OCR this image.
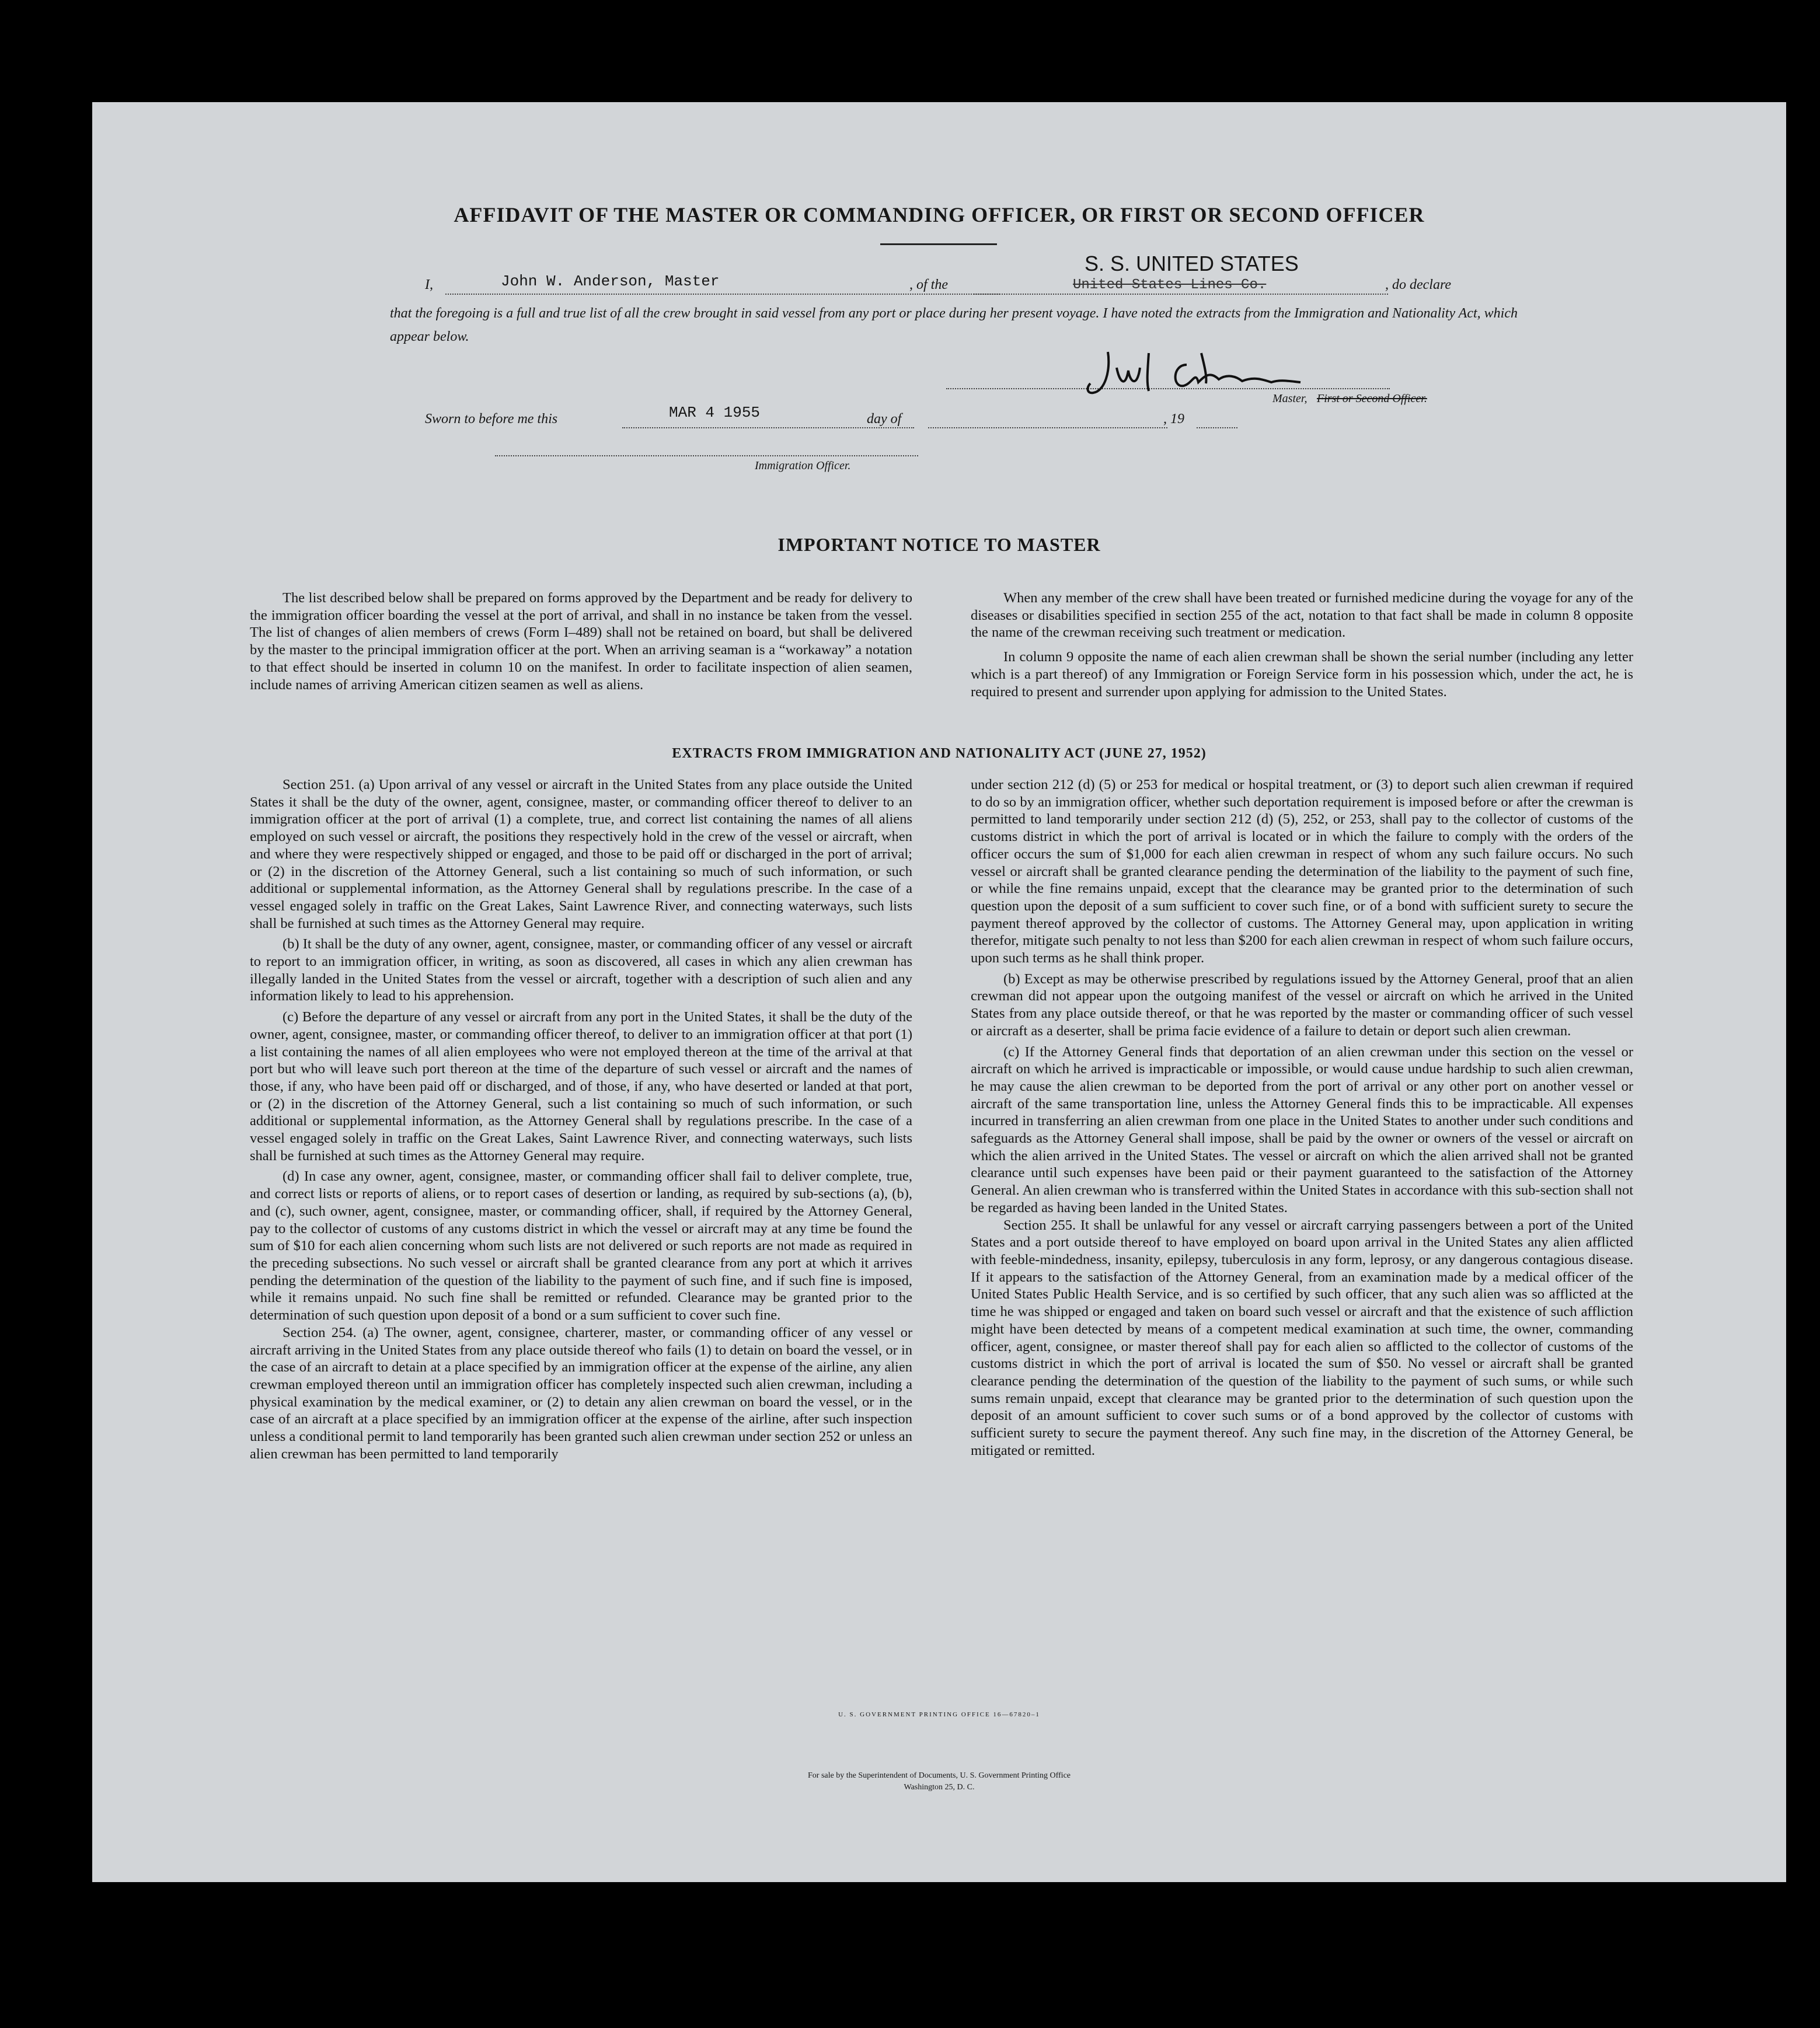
AFFIDAVIT OF THE MASTER OR COMMANDING OFFICER, OR FIRST OR SECOND OFFICER

I,	John W. Anderson, Master	, of the

S. S. UNITED STATES

United States Lines Co.	, do declare

that the foregoing is a full and true list of all the crew brought in said vessel from any port or place during her present voyage. I have noted the extracts from the Immigration and Nationality Act, which appear below.

Master, First or Second Officer.

Sworn to before me this	MAR 4 1955	day of	, 19

Immigration Officer.

IMPORTANT NOTICE TO MASTER

The list described below shall be prepared on forms approved by the Department and be ready for delivery to the immigration officer boarding the vessel at the port of arrival, and shall in no instance be taken from the vessel. The list of changes of alien members of crews (Form I–489) shall not be retained on board, but shall be delivered by the master to the principal immigration officer at the port. When an arriving seaman is a “workaway” a notation to that effect should be inserted in column 10 on the manifest. In order to facilitate inspection of alien seamen, include names of arriving American citizen seamen as well as aliens.

When any member of the crew shall have been treated or furnished medicine during the voyage for any of the diseases or disabilities specified in section 255 of the act, notation to that fact shall be made in column 8 opposite the name of the crewman receiving such treatment or medication.

In column 9 opposite the name of each alien crewman shall be shown the serial number (including any letter which is a part thereof) of any Immigration or Foreign Service form in his possession which, under the act, he is required to present and surrender upon applying for admission to the United States.

EXTRACTS FROM IMMIGRATION AND NATIONALITY ACT (JUNE 27, 1952)

Section 251. (a) Upon arrival of any vessel or aircraft in the United States from any place outside the United States it shall be the duty of the owner, agent, consignee, master, or commanding officer thereof to deliver to an immigration officer at the port of arrival (1) a complete, true, and correct list containing the names of all aliens employed on such vessel or aircraft, the positions they respectively hold in the crew of the vessel or aircraft, when and where they were respectively shipped or engaged, and those to be paid off or discharged in the port of arrival; or (2) in the discretion of the Attorney General, such a list containing so much of such information, or such additional or supplemental information, as the Attorney General shall by regulations prescribe. In the case of a vessel engaged solely in traffic on the Great Lakes, Saint Lawrence River, and connecting waterways, such lists shall be furnished at such times as the Attorney General may require.

(b) It shall be the duty of any owner, agent, consignee, master, or commanding officer of any vessel or aircraft to report to an immigration officer, in writing, as soon as discovered, all cases in which any alien crewman has illegally landed in the United States from the vessel or aircraft, together with a description of such alien and any information likely to lead to his apprehension.

(c) Before the departure of any vessel or aircraft from any port in the United States, it shall be the duty of the owner, agent, consignee, master, or commanding officer thereof, to deliver to an immigration officer at that port (1) a list containing the names of all alien employees who were not employed thereon at the time of the arrival at that port but who will leave such port thereon at the time of the departure of such vessel or aircraft and the names of those, if any, who have been paid off or discharged, and of those, if any, who have deserted or landed at that port, or (2) in the discretion of the Attorney General, such a list containing so much of such information, or such additional or supplemental information, as the Attorney General shall by regulations prescribe. In the case of a vessel engaged solely in traffic on the Great Lakes, Saint Lawrence River, and connecting waterways, such lists shall be furnished at such times as the Attorney General may require.

(d) In case any owner, agent, consignee, master, or commanding officer shall fail to deliver complete, true, and correct lists or reports of aliens, or to report cases of desertion or landing, as required by sub-sections (a), (b), and (c), such owner, agent, consignee, master, or commanding officer, shall, if required by the Attorney General, pay to the collector of customs of any customs district in which the vessel or aircraft may at any time be found the sum of $10 for each alien concerning whom such lists are not delivered or such reports are not made as required in the preceding subsections. No such vessel or aircraft shall be granted clearance from any port at which it arrives pending the determination of the question of the liability to the payment of such fine, and if such fine is imposed, while it remains unpaid. No such fine shall be remitted or refunded. Clearance may be granted prior to the determination of such question upon deposit of a bond or a sum sufficient to cover such fine.

Section 254. (a) The owner, agent, consignee, charterer, master, or commanding officer of any vessel or aircraft arriving in the United States from any place outside thereof who fails (1) to detain on board the vessel, or in the case of an aircraft to detain at a place specified by an immigration officer at the expense of the airline, any alien crewman employed thereon until an immigration officer has completely inspected such alien crewman, including a physical examination by the medical examiner, or (2) to detain any alien crewman on board the vessel, or in the case of an aircraft at a place specified by an immigration officer at the expense of the airline, after such inspection unless a conditional permit to land temporarily has been granted such alien crewman under section 252 or unless an alien crewman has been permitted to land temporarily

under section 212 (d) (5) or 253 for medical or hospital treatment, or (3) to deport such alien crewman if required to do so by an immigration officer, whether such deportation requirement is imposed before or after the crewman is permitted to land temporarily under section 212 (d) (5), 252, or 253, shall pay to the collector of customs of the customs district in which the port of arrival is located or in which the failure to comply with the orders of the officer occurs the sum of $1,000 for each alien crewman in respect of whom any such failure occurs. No such vessel or aircraft shall be granted clearance pending the determination of the liability to the payment of such fine, or while the fine remains unpaid, except that the clearance may be granted prior to the determination of such question upon the deposit of a sum sufficient to cover such fine, or of a bond with sufficient surety to secure the payment thereof approved by the collector of customs. The Attorney General may, upon application in writing therefor, mitigate such penalty to not less than $200 for each alien crewman in respect of whom such failure occurs, upon such terms as he shall think proper.

(b) Except as may be otherwise prescribed by regulations issued by the Attorney General, proof that an alien crewman did not appear upon the outgoing manifest of the vessel or aircraft on which he arrived in the United States from any place outside thereof, or that he was reported by the master or commanding officer of such vessel or aircraft as a deserter, shall be prima facie evidence of a failure to detain or deport such alien crewman.

(c) If the Attorney General finds that deportation of an alien crewman under this section on the vessel or aircraft on which he arrived is impracticable or impossible, or would cause undue hardship to such alien crewman, he may cause the alien crewman to be deported from the port of arrival or any other port on another vessel or aircraft of the same transportation line, unless the Attorney General finds this to be impracticable. All expenses incurred in transferring an alien crewman from one place in the United States to another under such conditions and safeguards as the Attorney General shall impose, shall be paid by the owner or owners of the vessel or aircraft on which the alien arrived in the United States. The vessel or aircraft on which the alien arrived shall not be granted clearance until such expenses have been paid or their payment guaranteed to the satisfaction of the Attorney General. An alien crewman who is transferred within the United States in accordance with this sub-section shall not be regarded as having been landed in the United States.

Section 255. It shall be unlawful for any vessel or aircraft carrying passengers between a port of the United States and a port outside thereof to have employed on board upon arrival in the United States any alien afflicted with feeble-mindedness, insanity, epilepsy, tuberculosis in any form, leprosy, or any dangerous contagious disease. If it appears to the satisfaction of the Attorney General, from an examination made by a medical officer of the United States Public Health Service, and is so certified by such officer, that any such alien was so afflicted at the time he was shipped or engaged and taken on board such vessel or aircraft and that the existence of such affliction might have been detected by means of a competent medical examination at such time, the owner, commanding officer, agent, consignee, or master thereof shall pay for each alien so afflicted to the collector of customs of the customs district in which the port of arrival is located the sum of $50. No vessel or aircraft shall be granted clearance pending the determination of the question of the liability to the payment of such sums, or while such sums remain unpaid, except that clearance may be granted prior to the determination of such question upon the deposit of an amount sufficient to cover such sums or of a bond approved by the collector of customs with sufficient surety to secure the payment thereof. Any such fine may, in the discretion of the Attorney General, be mitigated or remitted.

U. S. GOVERNMENT PRINTING OFFICE 16—67820–1

For sale by the Superintendent of Documents, U. S. Government Printing Office

Washington 25, D. C.
